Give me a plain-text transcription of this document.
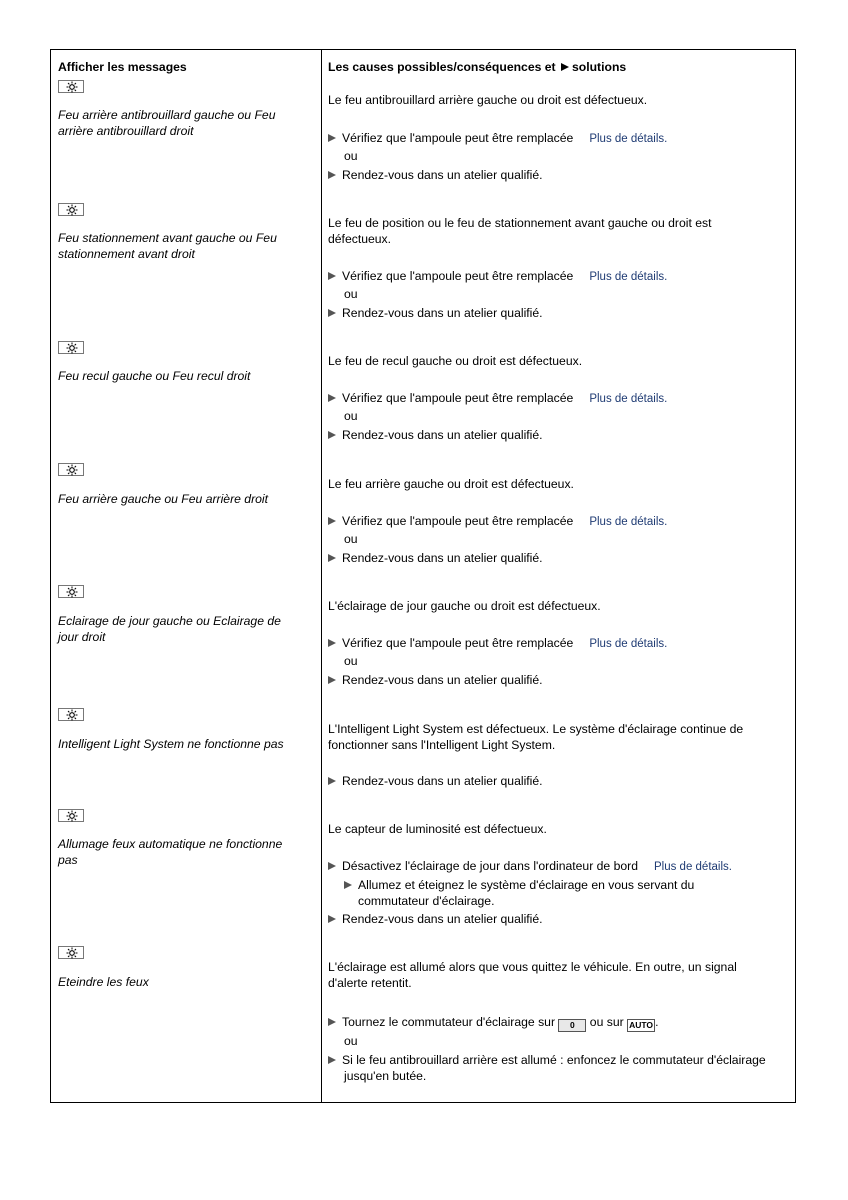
Afficher les messages	Les causes possibles/conséquences et solutions
Feu arrière antibrouillard gauche ou Feu
arrière antibrouillard droit
Le feu antibrouillard arrière gauche ou droit est défectueux.
Vérifiez que l'ampoule peut être remplacée Plus de détails.
ou
Rendez-vous dans un atelier qualifié.
Feu stationnement avant gauche ou Feu
stationnement avant droit
Le feu de position ou le feu de stationnement avant gauche ou droit est
défectueux.
Vérifiez que l'ampoule peut être remplacée Plus de détails.
ou
Rendez-vous dans un atelier qualifié.
Feu recul gauche ou Feu recul droit
Le feu de recul gauche ou droit est défectueux.
Vérifiez que l'ampoule peut être remplacée Plus de détails.
ou
Rendez-vous dans un atelier qualifié.
Feu arrière gauche ou Feu arrière droit
Le feu arrière gauche ou droit est défectueux.
Vérifiez que l'ampoule peut être remplacée Plus de détails.
ou
Rendez-vous dans un atelier qualifié.
Eclairage de jour gauche ou Eclairage de
jour droit
L'éclairage de jour gauche ou droit est défectueux.
Vérifiez que l'ampoule peut être remplacée Plus de détails.
ou
Rendez-vous dans un atelier qualifié.
Intelligent Light System ne fonctionne pas
L'Intelligent Light System est défectueux. Le système d'éclairage continue de
fonctionner sans l'Intelligent Light System.
Rendez-vous dans un atelier qualifié.
Allumage feux automatique ne fonctionne
pas
Le capteur de luminosité est défectueux.
Désactivez l'éclairage de jour dans l'ordinateur de bord Plus de détails.
Allumez et éteignez le système d'éclairage en vous servant du
commutateur d'éclairage.
Rendez-vous dans un atelier qualifié.
Eteindre les feux
L'éclairage est allumé alors que vous quittez le véhicule. En outre, un signal
d'alerte retentit.
Tournez le commutateur d'éclairage sur 0 ou sur AUTO .
ou
Si le feu antibrouillard arrière est allumé : enfoncez le commutateur d'éclairage
jusqu'en butée.
